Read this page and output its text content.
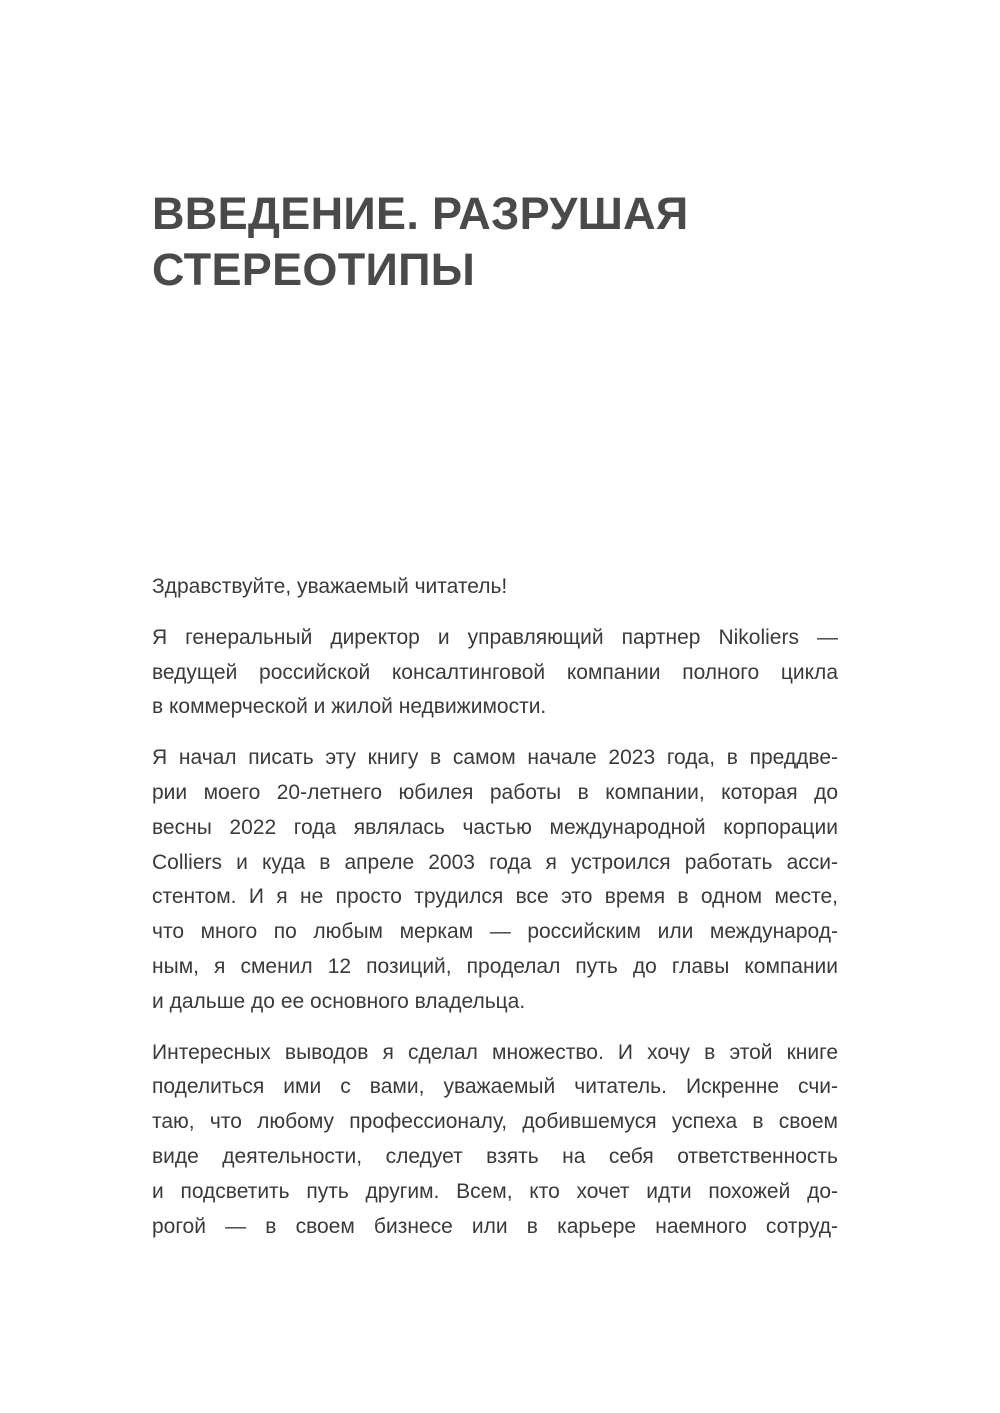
ВВЕДЕНИЕ. РАЗРУШАЯ
СТЕРЕОТИПЫ

Здравствуйте, уважаемый читатель!

Я генеральный директор и управляющий партнер Nikoliers —
ведущей российской консалтинговой компании полного цикла
в коммерческой и жилой недвижимости.

Я начал писать эту книгу в самом начале 2023 года, в преддве-
рии моего 20-летнего юбилея работы в компании, которая до
весны 2022 года являлась частью международной корпорации
Colliers и куда в апреле 2003 года я устроился работать асси-
стентом. И я не просто трудился все это время в одном месте,
что много по любым меркам — российским или международ-
ным, я сменил 12 позиций, проделал путь до главы компании
и дальше до ее основного владельца.

Интересных выводов я сделал множество. И хочу в этой книге
поделиться ими с вами, уважаемый читатель. Искренне счи-
таю, что любому профессионалу, добившемуся успеха в своем
виде деятельности, следует взять на себя ответственность
и подсветить путь другим. Всем, кто хочет идти похожей до-
рогой — в своем бизнесе или в карьере наемного сотруд-
